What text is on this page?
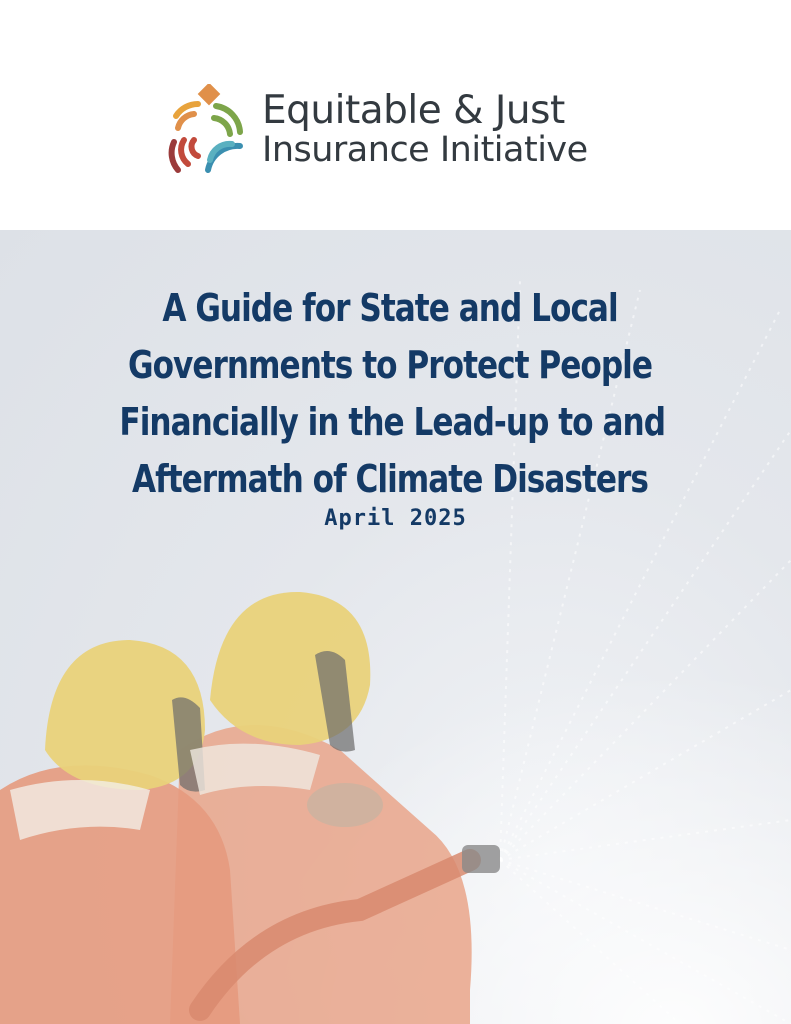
Equitable & Just
Insurance Initiative
A Guide for State and Local
Governments to Protect People
Financially in the Lead-up to and
Aftermath of Climate Disasters
April 2025
